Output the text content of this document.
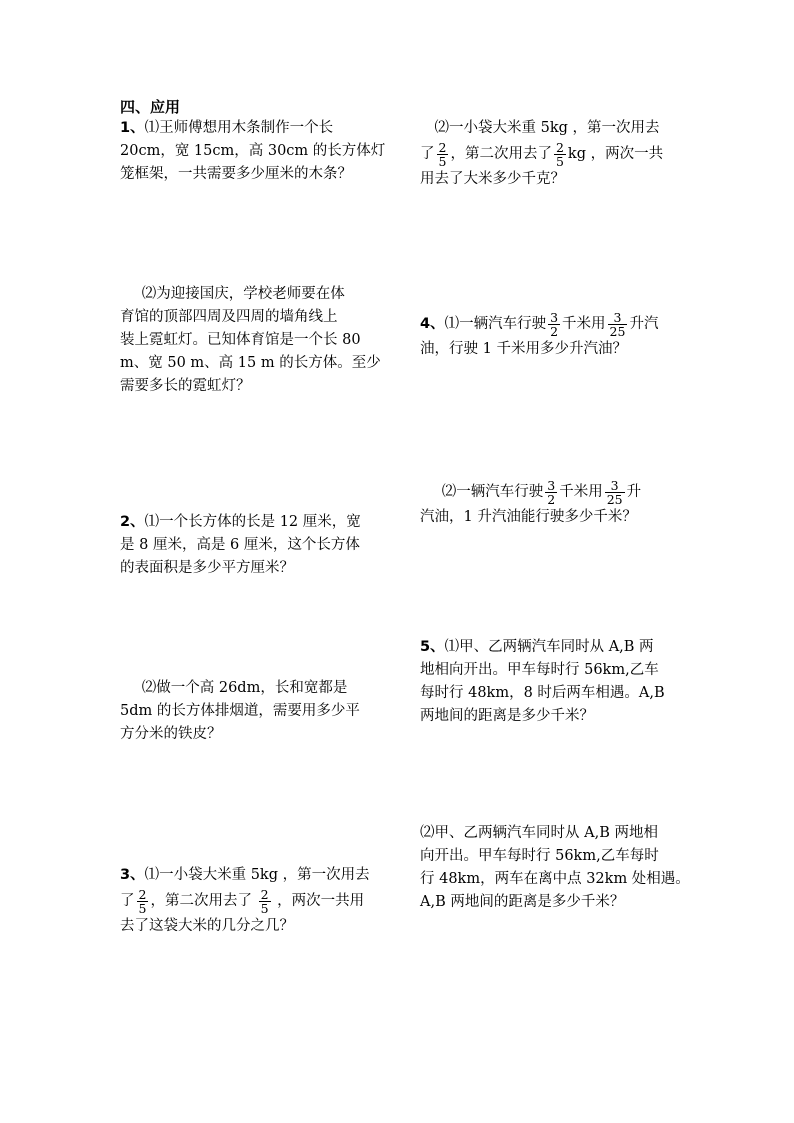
四、应用
1、⑴王师傅想用木条制作一个长
20cm，宽 15cm，高 30cm 的长方体灯
笼框架，一共需要多少厘米的木条？
  ⑵为迎接国庆，学校老师要在体
育馆的顶部四周及四周的墙角线上
装上霓虹灯。已知体育馆是一个长 80
m、宽 50 m、高 15 m 的长方体。至少
需要多长的霓虹灯？
2、⑴一个长方体的长是 12 厘米，宽
是 8 厘米，高是 6 厘米，这个长方体
的表面积是多少平方厘米？
  ⑵做一个高 26dm，长和宽都是
5dm 的长方体排烟道，需要用多少平
方分米的铁皮？
3、⑴一小袋大米重 5kg ，第一次用去
了 $\frac{2}{5}$ ，第二次用去了 $\frac{2}{5}$ ，两次一共用
去了这袋大米的几分之几？
 ⑵一小袋大米重 5kg ，第一次用去
了 $\frac{2}{5}$ ，第二次用去了 $\frac{2}{5}$ kg ，两次一共
用去了大米多少千克？
4、⑴一辆汽车行驶 $\frac{3}{2}$ 千米用 $\frac{3}{25}$ 升汽
油，行驶 1 千米用多少升汽油？
  ⑵一辆汽车行驶 $\frac{3}{2}$ 千米用 $\frac{3}{25}$ 升
汽油，1 升汽油能行驶多少千米？
5、⑴甲、乙两辆汽车同时从 A,B 两
地相向开出。甲车每时行 56km,乙车
每时行 48km，8 时后两车相遇。A,B
两地间的距离是多少千米？
⑵甲、乙两辆汽车同时从 A,B 两地相
向开出。甲车每时行 56km,乙车每时
行 48km，两车在离中点 32km 处相遇。
A,B 两地间的距离是多少千米？
